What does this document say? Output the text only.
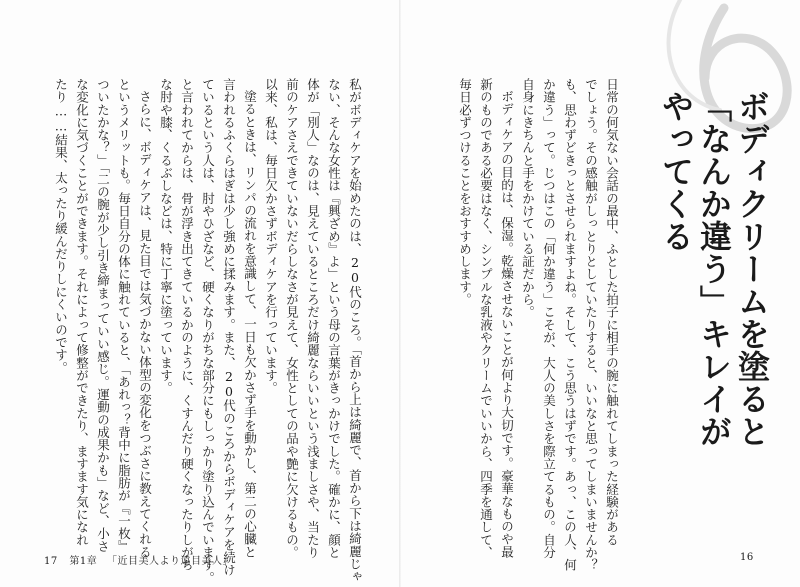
ボディクリームを塗ると
「なんか違う」キレイが
やってくる
日常の何気ない会話の最中、ふとした拍子に相手の腕に触れてしまった経験がある
でしょう。その感触がしっとりとしていたりすると、いいなと思ってしまいませんか？
も、思わずどきっとさせられますよね。そして、こう思うはずです。あっ、この人、何
か違う」って。じつはこの「何か違う」こそが、大人の美しさを際立てるもの。自分
自身にきちんと手をかけている証だから。
ボディケアの目的は、保湿。乾燥させないことが何より大切です。豪華なものや最
新のものである必要はなく、シンプルな乳液やクリームでいいから、四季を通して、
毎日必ずつけることをおすすめします。
私がボディケアを始めたのは、20代のころ。「首から上は綺麗で、首から下は綺麗じゃ
ない、そんな女性は『興ざめ』よ」という母の言葉がきっかけでした。確かに、顔と
体が「別人」なのは、見えているところだけ綺麗ならいいという浅ましさや、当たり
前のケアさえできていないだらしなさが見えて、女性としての品や艶に欠けるもの。
以来、私は、毎日欠かさずボディケアを行っています。
塗るときは、リンパの流れを意識して、一日も欠かさず手を動かし、第二の心臓と
言われるふくらはぎは少し強めに揉みます。また、20代のころからボディケアを続け
ているという人は、肘やひざなど、硬くなりがちな部分にもしっかり塗り込んでいます。
と言われてからは、骨が浮き出てきているかのように、くすんだり硬くなったりしがち
な肘や膝、くるぶしなどは、特に丁寧に塗っています。
さらに、ボディケアは、見た目では気づかない体型の変化をつぶさに教えてくれる
というメリットも。毎日自分の体に触れていると、「あれっ？背中に脂肪が『一枚』
ついたかな？」「二の腕が少し引き締まっていい感じ。運動の成果かも」など、小さ
な変化に気づくことができます。それによって修整ができたり、ますます気になれ
たり……結果、太ったり緩んだりしにくいのです。
17 第1章 「近目美人より遠目美人」	16
